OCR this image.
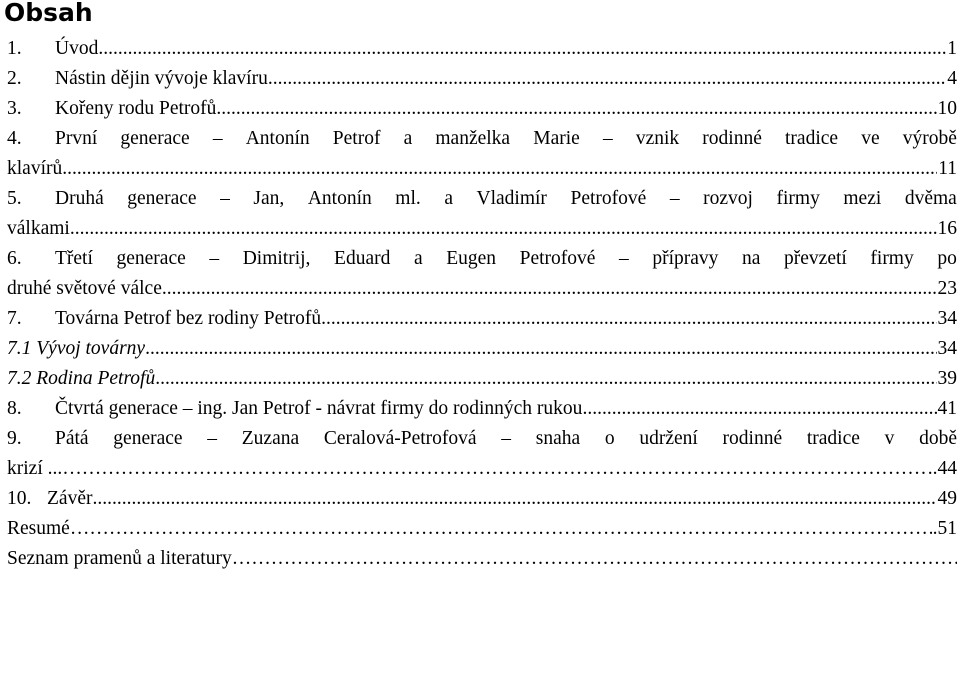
Obsah
1.	Úvod .....	1
2.	Nástin dějin vývoje klavíru .....	4
3.	Kořeny rodu Petrofů .....	10
4.	První generace – Antonín Petrof a manželka Marie – vznik rodinné tradice ve výrobě
klavírů .....	11
5.	Druhá generace – Jan, Antonín ml. a Vladimír Petrofové – rozvoj firmy mezi dvěma
válkami .....	16
6.	Třetí generace – Dimitrij, Eduard a Eugen Petrofové – přípravy na převzetí firmy po
druhé světové válce .....	23
7.	Továrna Petrof bez rodiny Petrofů .....	34
7.1 Vývoj továrny .....	34
7.2 Rodina Petrofů .....	39
8.	Čtvrtá generace – ing. Jan Petrof - návrat firmy do rodinných rukou .....	41
9.	Pátá generace – Zuzana Ceralová-Petrofová – snaha o udržení rodinné tradice v době
krizí ... …………………………………………………………………………………………………………………………………………………………………………………………………………………………………	..44
10. Závěr .....	49
Resumé …………………………………………………………………………………………………………………………………………………………………………………………………………………………………	.51
Seznam pramenů a literatury
…………………………………………………………………………………………………………………………………………………………………………………………………………………………………
